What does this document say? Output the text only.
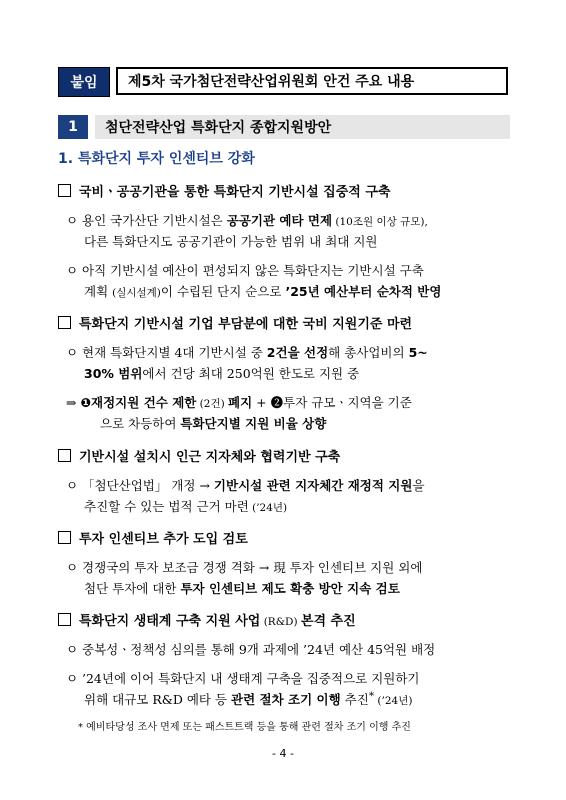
붙임	제5차 국가첨단전략산업위원회 안건 주요 내용
1	첨단전략산업 특화단지 종합지원방안
1. 특화단지 투자 인센티브 강화
국비ㆍ공공기관을 통한 특화단지 기반시설 집중적 구축
ㅇ 용인 국가산단 기반시설은 공공기관 예타 면제 (10조원 이상 규모),
다른 특화단지도 공공기관이 가능한 범위 내 최대 지원
ㅇ 아직 기반시설 예산이 편성되지 않은 특화단지는 기반시설 구축
계획 (실시설계)이 수립된 단지 순으로 ’25년 예산부터 순차적 반영
특화단지 기반시설 기업 부담분에 대한 국비 지원기준 마련
ㅇ 현재 특화단지별 4대 기반시설 중 2건을 선정해 총사업비의 5~
30% 범위에서 건당 최대 250억원 한도로 지원 중
⇒ ❶재정지원 건수 제한 (2건) 폐지 + ❷투자 규모ㆍ지역을 기준
으로 차등하여 특화단지별 지원 비율 상향
기반시설 설치시 인근 지자체와 협력기반 구축
ㅇ 「첨단산업법」 개정 → 기반시설 관련 지자체간 재정적 지원을
추진할 수 있는 법적 근거 마련 (’24년)
투자 인센티브 추가 도입 검토
ㅇ 경쟁국의 투자 보조금 경쟁 격화 → 現 투자 인센티브 지원 외에
첨단 투자에 대한 투자 인센티브 제도 확충 방안 지속 검토
특화단지 생태계 구축 지원 사업 (R&D) 본격 추진
ㅇ 중복성ㆍ정책성 심의를 통해 9개 과제에 ’24년 예산 45억원 배정
ㅇ ’24년에 이어 특화단지 내 생태계 구축을 집중적으로 지원하기
위해 대규모 R&D 예타 등 관련 절차 조기 이행 추진* (’24년)
* 예비타당성 조사 면제 또는 패스트트랙 등을 통해 관련 절차 조기 이행 추진
- 4 -
